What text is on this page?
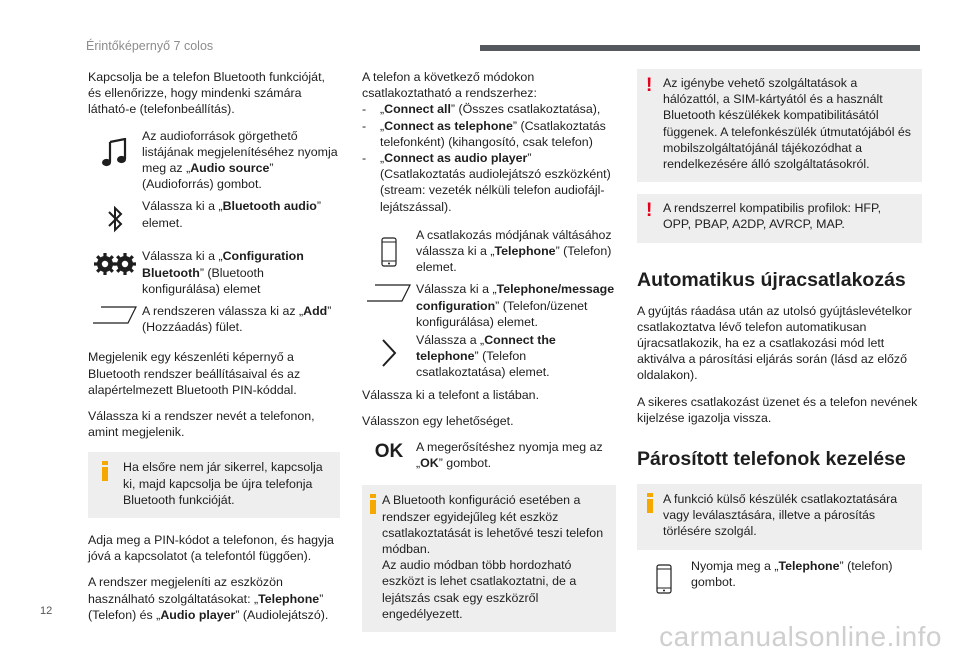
Érintőképernyő 7 colos

Kapcsolja be a telefon Bluetooth funkcióját, és ellenőrizze, hogy mindenki számára látható-e (telefonbeállítás).

Az audioforrások görgethető listájának megjelenítéséhez nyomja meg az „Audio source” (Audioforrás) gombot.
Válassza ki a „Bluetooth audio” elemet.
Válassza ki a „Configuration Bluetooth” (Bluetooth konfigurálása) elemet
A rendszeren válassza ki az „Add” (Hozzáadás) fület.

Megjelenik egy készenléti képernyő a Bluetooth rendszer beállításaival és az alapértelmezett Bluetooth PIN-kóddal.

Válassza ki a rendszer nevét a telefonon, amint megjelenik.

Ha elsőre nem jár sikerrel, kapcsolja ki, majd kapcsolja be újra telefonja Bluetooth funkcióját.

Adja meg a PIN-kódot a telefonon, és hagyja jóvá a kapcsolatot (a telefontól függően).

A rendszer megjeleníti az eszközön használható szolgáltatásokat: „Telephone” (Telefon) és „Audio player” (Audiolejátszó).

A telefon a következő módokon csatlakoztatható a rendszerhez:

-	„Connect all” (Összes csatlakoztatása),
-	„Connect as telephone” (Csatlakoztatás telefonként) (kihangosító, csak telefon)
-	„Connect as audio player” (Csatlakoztatás audiolejátszó eszközként) (stream: vezeték nélküli telefon audiofájl-lejátszással).
A csatlakozás módjának váltásához válassza ki a „Telephone” (Telefon) elemet.
Válassza ki a „Telephone/message configuration” (Telefon/üzenet konfigurálása) elemet.
Válassza a „Connect the telephone” (Telefon csatlakoztatása) elemet.

Válassza ki a telefont a listában.

Válasszon egy lehetőséget.

OK	A megerősítéshez nyomja meg az „OK” gombot.
A Bluetooth konfiguráció esetében a rendszer egyidejűleg két eszköz csatlakoztatását is lehetővé teszi telefon módban.
Az audio módban több hordozható eszközt is lehet csatlakoztatni, de a lejátszás csak egy eszközről engedélyezett.
! Az igénybe vehető szolgáltatások a hálózattól, a SIM-kártyától és a használt Bluetooth készülékek kompatibilitásától függenek. A telefonkészülék útmutatójából és mobilszolgáltatójánál tájékozódhat a rendelkezésére álló szolgáltatásokról.
! A rendszerrel kompatibilis profilok: HFP, OPP, PBAP, A2DP, AVRCP, MAP.
Automatikus újracsatlakozás

A gyújtás ráadása után az utolsó gyújtáslevételkor csatlakoztatva lévő telefon automatikusan újracsatlakozik, ha ez a csatlakozási mód lett aktiválva a párosítási eljárás során (lásd az előző oldalakon).

A sikeres csatlakozást üzenet és a telefon nevének kijelzése igazolja vissza.

Párosított telefonok kezelése
A funkció külső készülék csatlakoztatására vagy leválasztására, illetve a párosítás törlésére szolgál.
Nyomja meg a „Telephone” (telefon) gombot.
12
carmanualsonline.info
